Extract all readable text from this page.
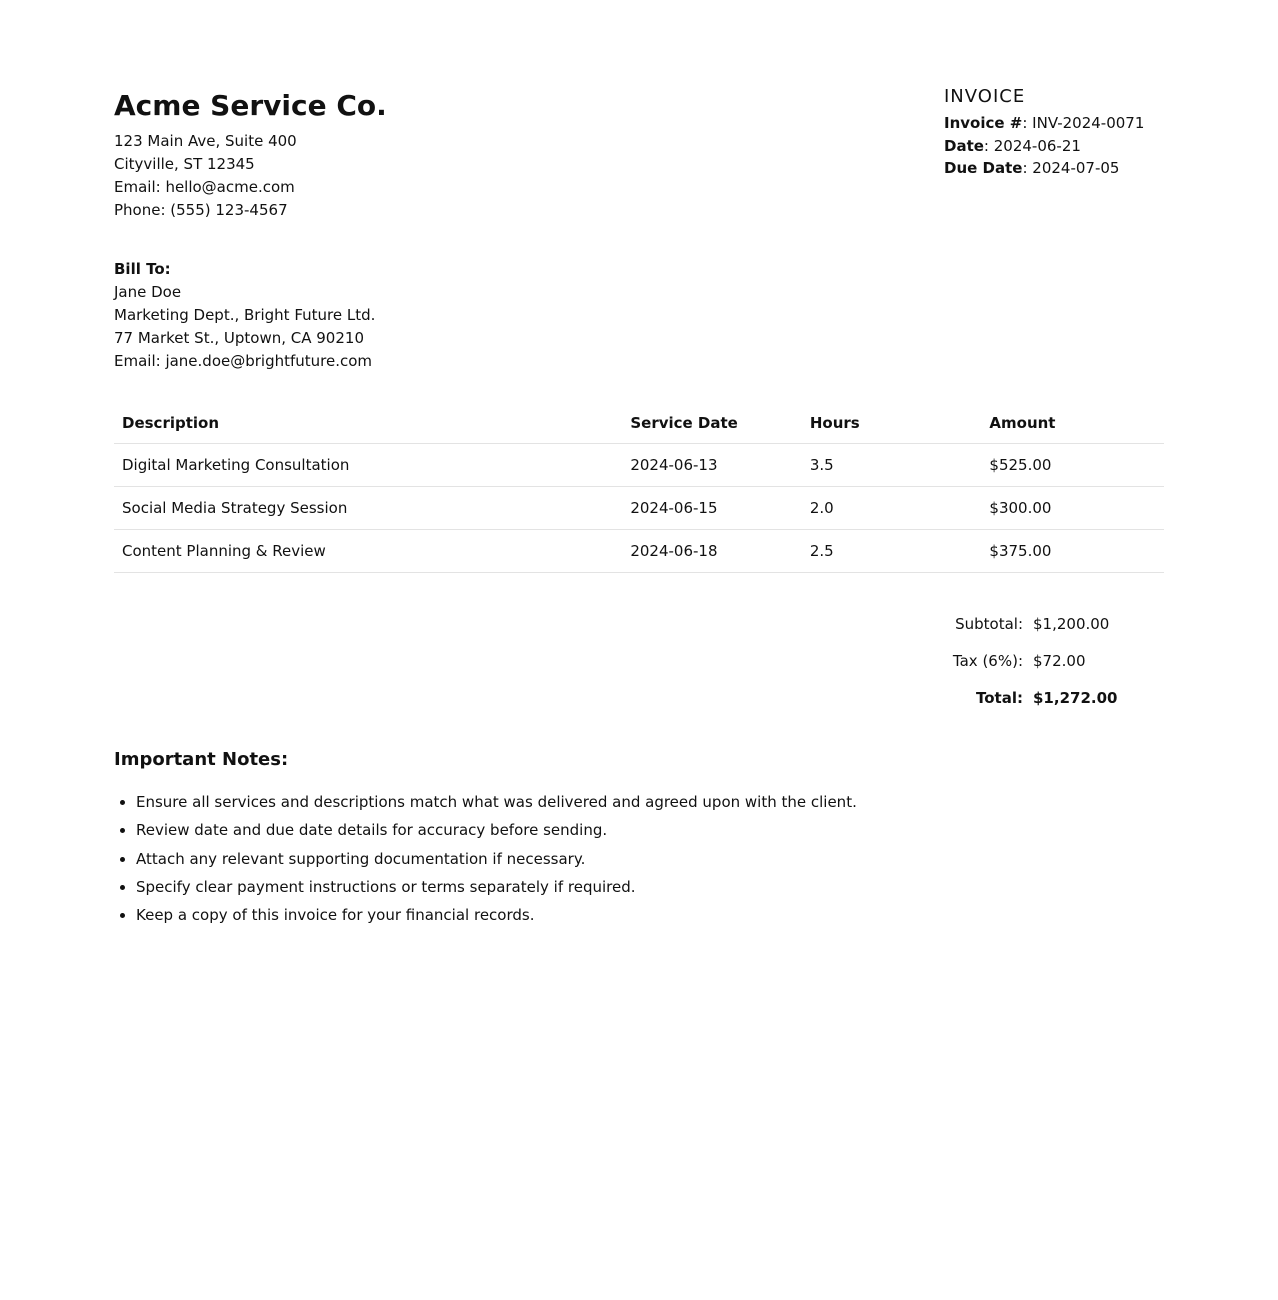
Acme Service Co.

123 Main Ave, Suite 400

Cityville, ST 12345

Email: hello@acme.com

Phone: (555) 123-4567

INVOICE

Invoice #: INV-2024-0071

Date: 2024-06-21

Due Date: 2024-07-05

Bill To:

Jane Doe

Marketing Dept., Bright Future Ltd.

77 Market St., Uptown, CA 90210

Email: jane.doe@brightfuture.com

Description	Service Date	Hours	Amount
Digital Marketing Consultation	2024-06-13	3.5	$525.00
Social Media Strategy Session	2024-06-15	2.0	$300.00
Content Planning & Review	2024-06-18	2.5	$375.00
Subtotal: $1,200.00
Tax (6%): $72.00
Total: $1,272.00
Important Notes:
• Ensure all services and descriptions match what was delivered and agreed upon with the client.
• Review date and due date details for accuracy before sending.
• Attach any relevant supporting documentation if necessary.
• Specify clear payment instructions or terms separately if required.
• Keep a copy of this invoice for your financial records.
